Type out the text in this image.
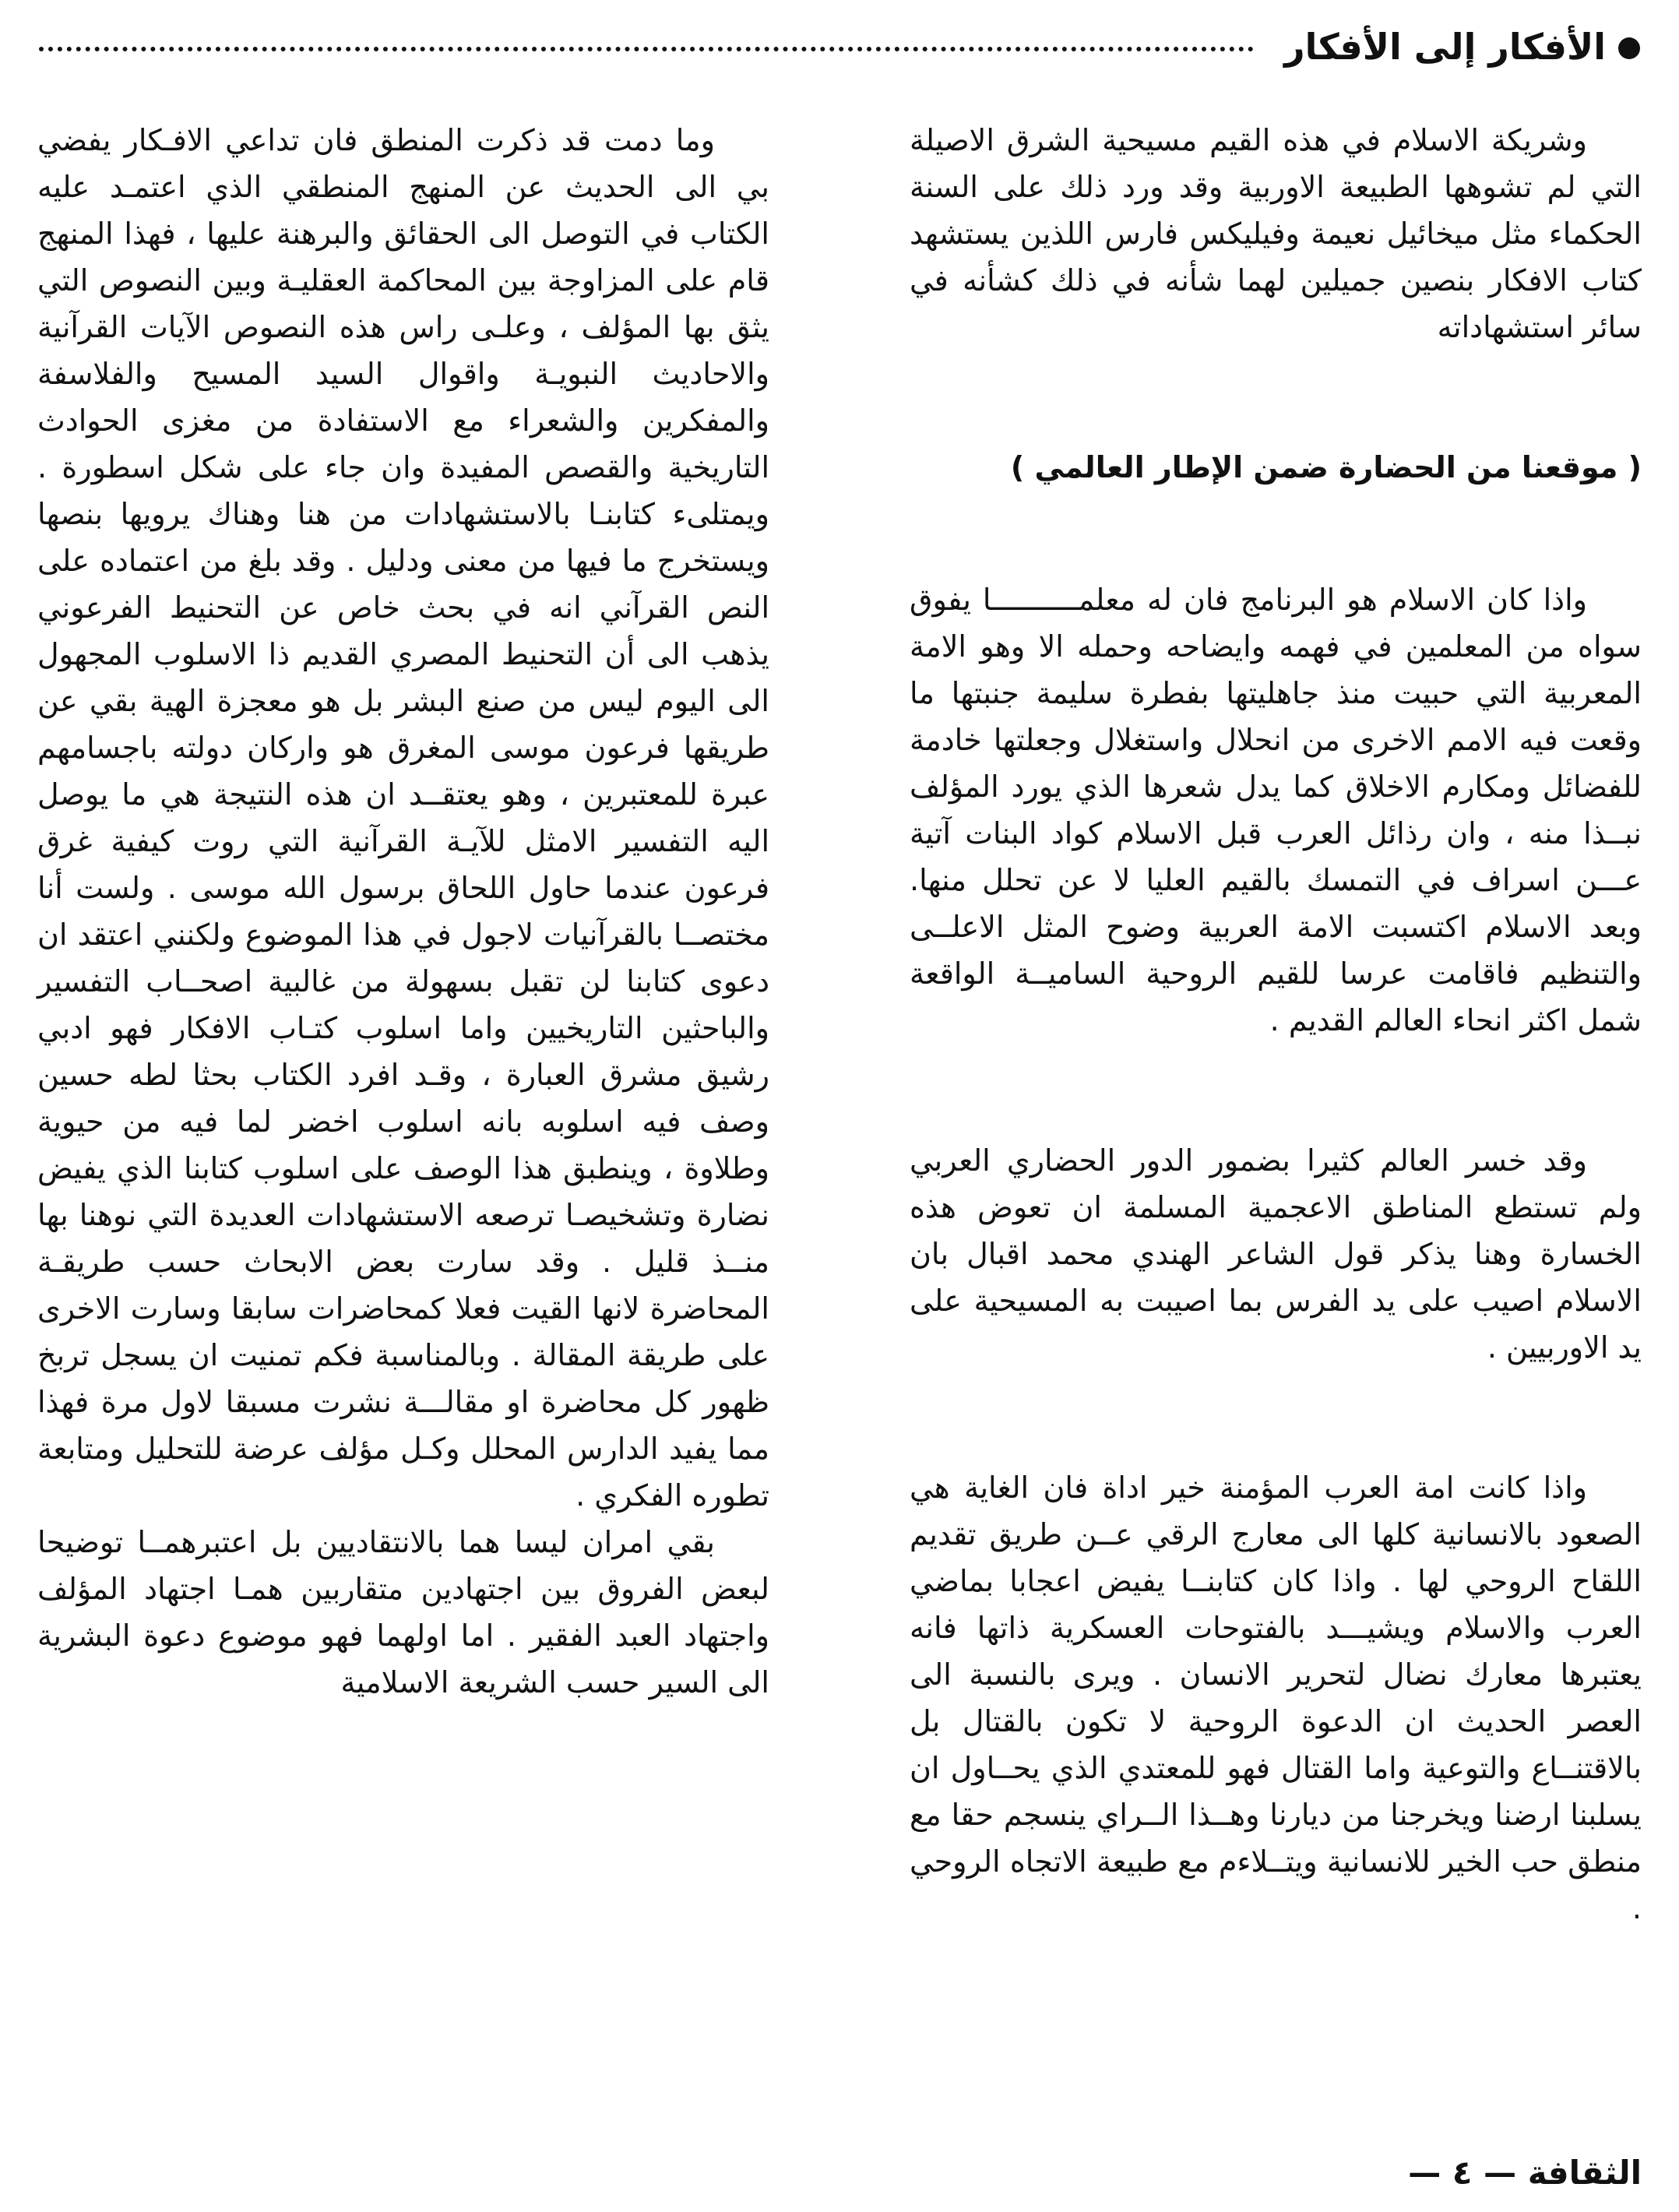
الأفكار إلى الأفكار

وشريكة الاسلام في هذه القيم مسيحية الشرق الاصيلة التي لم تشوهها الطبيعة الاوربية وقد ورد ذلك على السنة الحكماء مثل ميخائيل نعيمة وفيليكس فارس اللذين يستشهد كتاب الافكار بنصين جميلين لهما شأنه في ذلك كشأنه في سائر استشهاداته

( موقعنا من الحضارة ضمن الإطار العالمي )

واذا كان الاسلام هو البرنامج فان له معلمــــــــــا يفوق سواه من المعلمين في فهمه وايضاحه وحمله الا وهو الامة المعربية التي حبيت منذ جاهليتها بفطرة سليمة جنبتها ما وقعت فيه الامم الاخرى من انحلال واستغلال وجعلتها خادمة للفضائل ومكارم الاخلاق كما يدل شعرها الذي يورد المؤلف نبــذا منه ، وان رذائل العرب قبل الاسلام كواد البنات آتية عـــن اسراف في التمسك بالقيم العليا لا عن تحلل منها. وبعد الاسلام اكتسبت الامة العربية وضوح المثل الاعلــى والتنظيم فاقامت عرسا للقيم الروحية الساميــة الواقعة شمل اكثر انحاء العالم القديم .

وقد خسر العالم كثيرا بضمور الدور الحضاري العربي ولم تستطع المناطق الاعجمية المسلمة ان تعوض هذه الخسارة وهنا يذكر قول الشاعر الهندي محمد اقبال بان الاسلام اصيب على يد الفرس بما اصيبت به المسيحية على يد الاوربيين .

واذا كانت امة العرب المؤمنة خير اداة فان الغاية هي الصعود بالانسانية كلها الى معارج الرقي عــن طريق تقديم اللقاح الروحي لها . واذا كان كتابنــا يفيض اعجابا بماضي العرب والاسلام ويشيـــد بالفتوحات العسكرية ذاتها فانه يعتبرها معارك نضال لتحرير الانسان . ويرى بالنسبة الى العصر الحديث ان الدعوة الروحية لا تكون بالقتال بل بالاقتنــاع والتوعية واما القتال فهو للمعتدي الذي يحــاول ان يسلبنا ارضنا ويخرجنا من ديارنا وهــذا الــراي ينسجم حقا مع منطق حب الخير للانسانية ويتــلاءم مع طبيعة الاتجاه الروحي .

وما دمت قد ذكرت المنطق فان تداعي الافـكار يفضي بي الى الحديث عن المنهج المنطقي الذي اعتمـد عليه الكتاب في التوصل الى الحقائق والبرهنة عليها ، فهذا المنهج قام على المزاوجة بين المحاكمة العقليـة وبين النصوص التي يثق بها المؤلف ، وعلـى راس هذه النصوص الآيات القرآنية والاحاديث النبويـة واقوال السيد المسيح والفلاسفة والمفكرين والشعراء مع الاستفادة من مغزى الحوادث التاريخية والقصص المفيدة وان جاء على شكل اسطورة . ويمتلىء كتابنـا بالاستشهادات من هنا وهناك يرويها بنصها ويستخرج ما فيها من معنى ودليل . وقد بلغ من اعتماده على النص القرآني انه في بحث خاص عن التحنيط الفرعوني يذهب الى أن التحنيط المصري القديم ذا الاسلوب المجهول الى اليوم ليس من صنع البشر بل هو معجزة الهية بقي عن طريقها فرعون موسى المغرق هو واركان دولته باجسامهم عبرة للمعتبرين ، وهو يعتقــد ان هذه النتيجة هي ما يوصل اليه التفسير الامثل للآيـة القرآنية التي روت كيفية غرق فرعون عندما حاول اللحاق برسول الله موسى . ولست أنا مختصــا بالقرآنيات لاجول في هذا الموضوع ولكنني اعتقد ان دعوى كتابنا لن تقبل بسهولة من غالبية اصحــاب التفسير والباحثين التاريخيين واما اسلوب كتـاب الافكار فهو ادبي رشيق مشرق العبارة ، وقـد افرد الكتاب بحثا لطه حسين وصف فيه اسلوبه بانه اسلوب اخضر لما فيه من حيوية وطلاوة ، وينطبق هذا الوصف على اسلوب كتابنا الذي يفيض نضارة وتشخيصـا ترصعه الاستشهادات العديدة التي نوهنا بها منــذ قليل . وقد سارت بعض الابحاث حسب طريقـة المحاضرة لانها القيت فعلا كمحاضرات سابقا وسارت الاخرى على طريقة المقالة . وبالمناسبة فكم تمنيت ان يسجل تربخ ظهور كل محاضرة او مقالـــة نشرت مسبقا لاول مرة فهذا مما يفيد الدارس المحلل وكـل مؤلف عرضة للتحليل ومتابعة تطوره الفكري .

بقي امران ليسا هما بالانتقاديين بل اعتبرهمــا توضيحا لبعض الفروق بين اجتهادين متقاربين همـا اجتهاد المؤلف واجتهاد العبد الفقير . اما اولهما فهو موضوع دعوة البشرية الى السير حسب الشريعة الاسلامية

الثقافة — ٤ —
